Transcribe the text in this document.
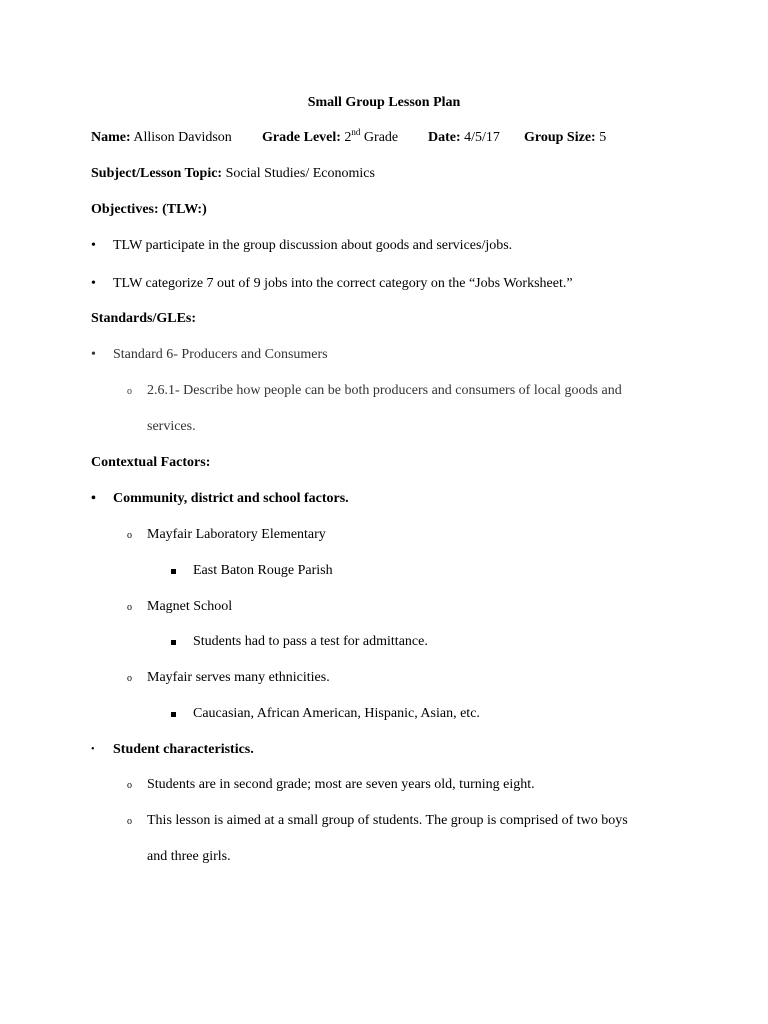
Small Group Lesson Plan
Name: Allison Davidson Grade Level: 2nd Grade Date: 4/5/17 Group Size: 5
Subject/Lesson Topic: Social Studies/ Economics
Objectives: (TLW:)
• TLW participate in the group discussion about goods and services/jobs.
• TLW categorize 7 out of 9 jobs into the correct category on the “Jobs Worksheet.”
Standards/GLEs:
• Standard 6- Producers and Consumers
o 2.6.1- Describe how people can be both producers and consumers of local goods and
services.
Contextual Factors:
• Community, district and school factors.
o Mayfair Laboratory Elementary
East Baton Rouge Parish
o Magnet School
Students had to pass a test for admittance.
o Mayfair serves many ethnicities.
Caucasian, African American, Hispanic, Asian, etc.
• Student characteristics.
o Students are in second grade; most are seven years old, turning eight.
o This lesson is aimed at a small group of students. The group is comprised of two boys
and three girls.
